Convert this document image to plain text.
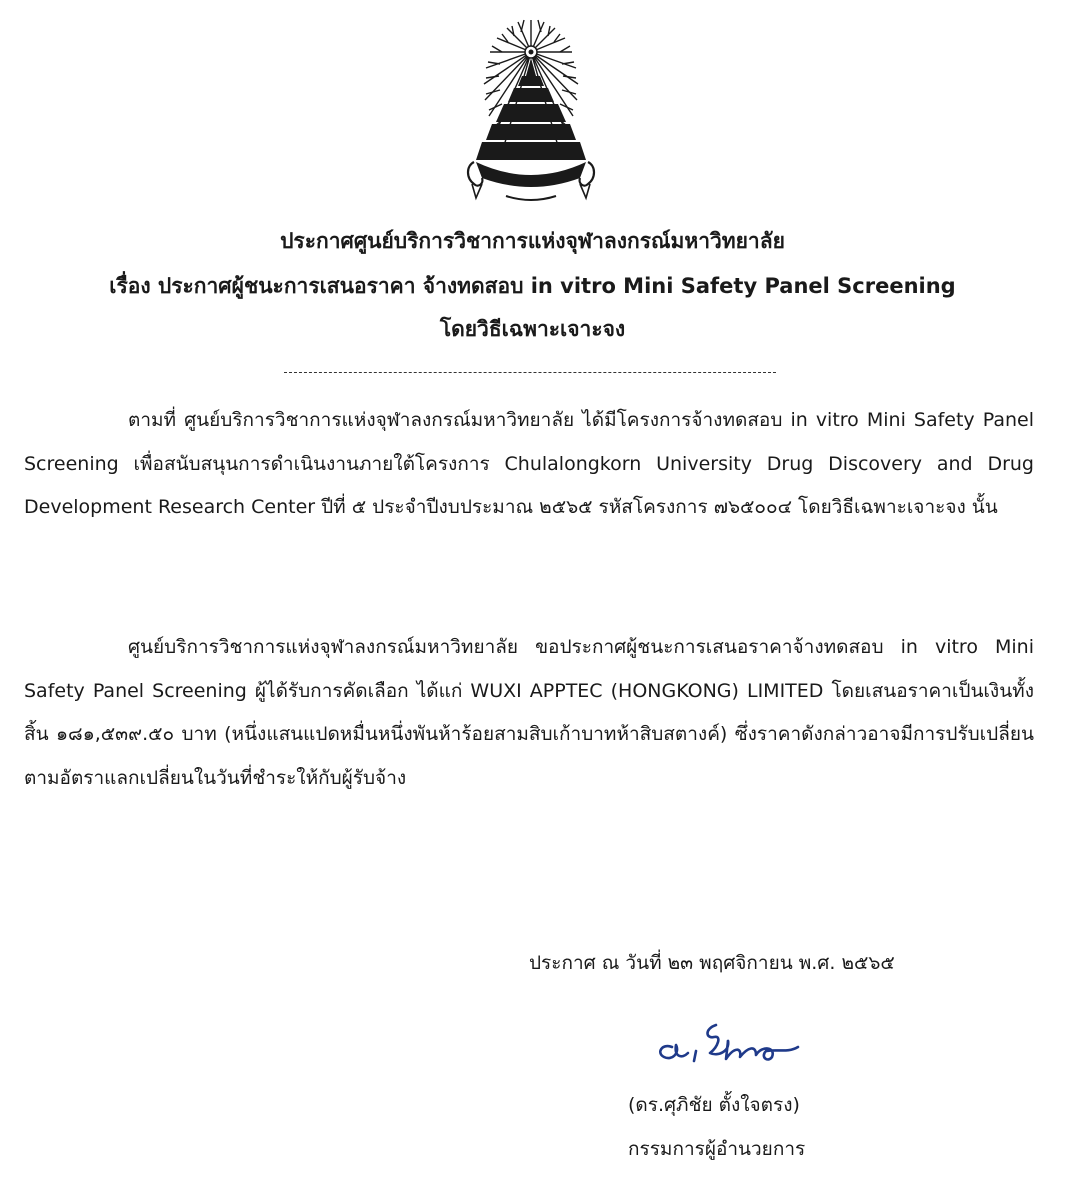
ประกาศศูนย์บริการวิชาการแห่งจุฬาลงกรณ์มหาวิทยาลัย
เรื่อง ประกาศผู้ชนะการเสนอราคา จ้างทดสอบ in vitro Mini Safety Panel Screening
โดยวิธีเฉพาะเจาะจง
ตามที่ ศูนย์บริการวิชาการแห่งจุฬาลงกรณ์มหาวิทยาลัย ได้มีโครงการจ้างทดสอบ in vitro Mini Safety Panel Screening เพื่อสนับสนุนการดำเนินงานภายใต้โครงการ Chulalongkorn University Drug Discovery and Drug Development Research Center ปีที่ ๕ ประจำปีงบประมาณ ๒๕๖๕ รหัสโครงการ ๗๖๕๐๐๔ โดยวิธีเฉพาะเจาะจง นั้น
ศูนย์บริการวิชาการแห่งจุฬาลงกรณ์มหาวิทยาลัย ขอประกาศผู้ชนะการเสนอราคาจ้างทดสอบ in vitro Mini Safety Panel Screening ผู้ได้รับการคัดเลือก ได้แก่ WUXI APPTEC (HONGKONG) LIMITED โดยเสนอราคาเป็นเงินทั้งสิ้น ๑๘๑,๕๓๙.๕๐ บาท (หนึ่งแสนแปดหมื่นหนึ่งพันห้าร้อยสามสิบเก้าบาทห้าสิบสตางค์) ซึ่งราคาดังกล่าวอาจมีการปรับเปลี่ยนตามอัตราแลกเปลี่ยนในวันที่ชำระให้กับผู้รับจ้าง
ประกาศ ณ วันที่ ๒๓ พฤศจิกายน พ.ศ. ๒๕๖๕
(ดร.ศุภิชัย ตั้งใจตรง)
กรรมการผู้อำนวยการ
